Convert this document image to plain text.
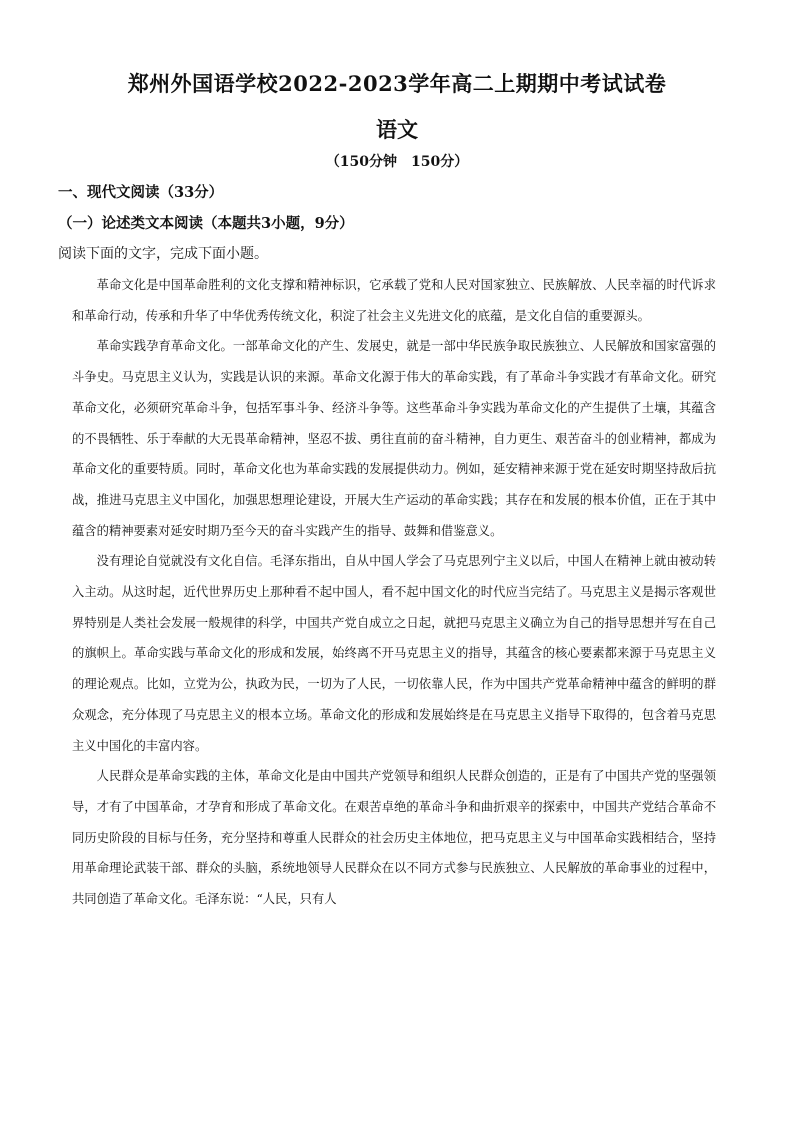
郑州外国语学校2022-2023学年高二上期期中考试试卷
语文
（150分钟　150分）
一、现代文阅读（33分）
（一）论述类文本阅读（本题共3小题，9分）
阅读下面的文字，完成下面小题。

革命文化是中国革命胜利的文化支撑和精神标识，它承载了党和人民对国家独立、民族解放、人民幸福的时代诉求和革命行动，传承和升华了中华优秀传统文化，积淀了社会主义先进文化的底蕴，是文化自信的重要源头。

革命实践孕育革命文化。一部革命文化的产生、发展史，就是一部中华民族争取民族独立、人民解放和国家富强的斗争史。马克思主义认为，实践是认识的来源。革命文化源于伟大的革命实践，有了革命斗争实践才有革命文化。研究革命文化，必须研究革命斗争，包括军事斗争、经济斗争等。这些革命斗争实践为革命文化的产生提供了土壤，其蕴含的不畏牺牲、乐于奉献的大无畏革命精神，坚忍不拔、勇往直前的奋斗精神，自力更生、艰苦奋斗的创业精神，都成为革命文化的重要特质。同时，革命文化也为革命实践的发展提供动力。例如，延安精神来源于党在延安时期坚持敌后抗战，推进马克思主义中国化，加强思想理论建设，开展大生产运动的革命实践；其存在和发展的根本价值，正在于其中蕴含的精神要素对延安时期乃至今天的奋斗实践产生的指导、鼓舞和借鉴意义。

没有理论自觉就没有文化自信。毛泽东指出，自从中国人学会了马克思列宁主义以后，中国人在精神上就由被动转入主动。从这时起，近代世界历史上那种看不起中国人，看不起中国文化的时代应当完结了。马克思主义是揭示客观世界特别是人类社会发展一般规律的科学，中国共产党自成立之日起，就把马克思主义确立为自己的指导思想并写在自己的旗帜上。革命实践与革命文化的形成和发展，始终离不开马克思主义的指导，其蕴含的核心要素都来源于马克思主义的理论观点。比如，立党为公，执政为民，一切为了人民，一切依靠人民，作为中国共产党革命精神中蕴含的鲜明的群众观念，充分体现了马克思主义的根本立场。革命文化的形成和发展始终是在马克思主义指导下取得的，包含着马克思主义中国化的丰富内容。

人民群众是革命实践的主体，革命文化是由中国共产党领导和组织人民群众创造的，正是有了中国共产党的坚强领导，才有了中国革命，才孕育和形成了革命文化。在艰苦卓绝的革命斗争和曲折艰辛的探索中，中国共产党结合革命不同历史阶段的目标与任务，充分坚持和尊重人民群众的社会历史主体地位，把马克思主义与中国革命实践相结合，坚持用革命理论武装干部、群众的头脑，系统地领导人民群众在以不同方式参与民族独立、人民解放的革命事业的过程中，共同创造了革命文化。毛泽东说：“人民，只有人
